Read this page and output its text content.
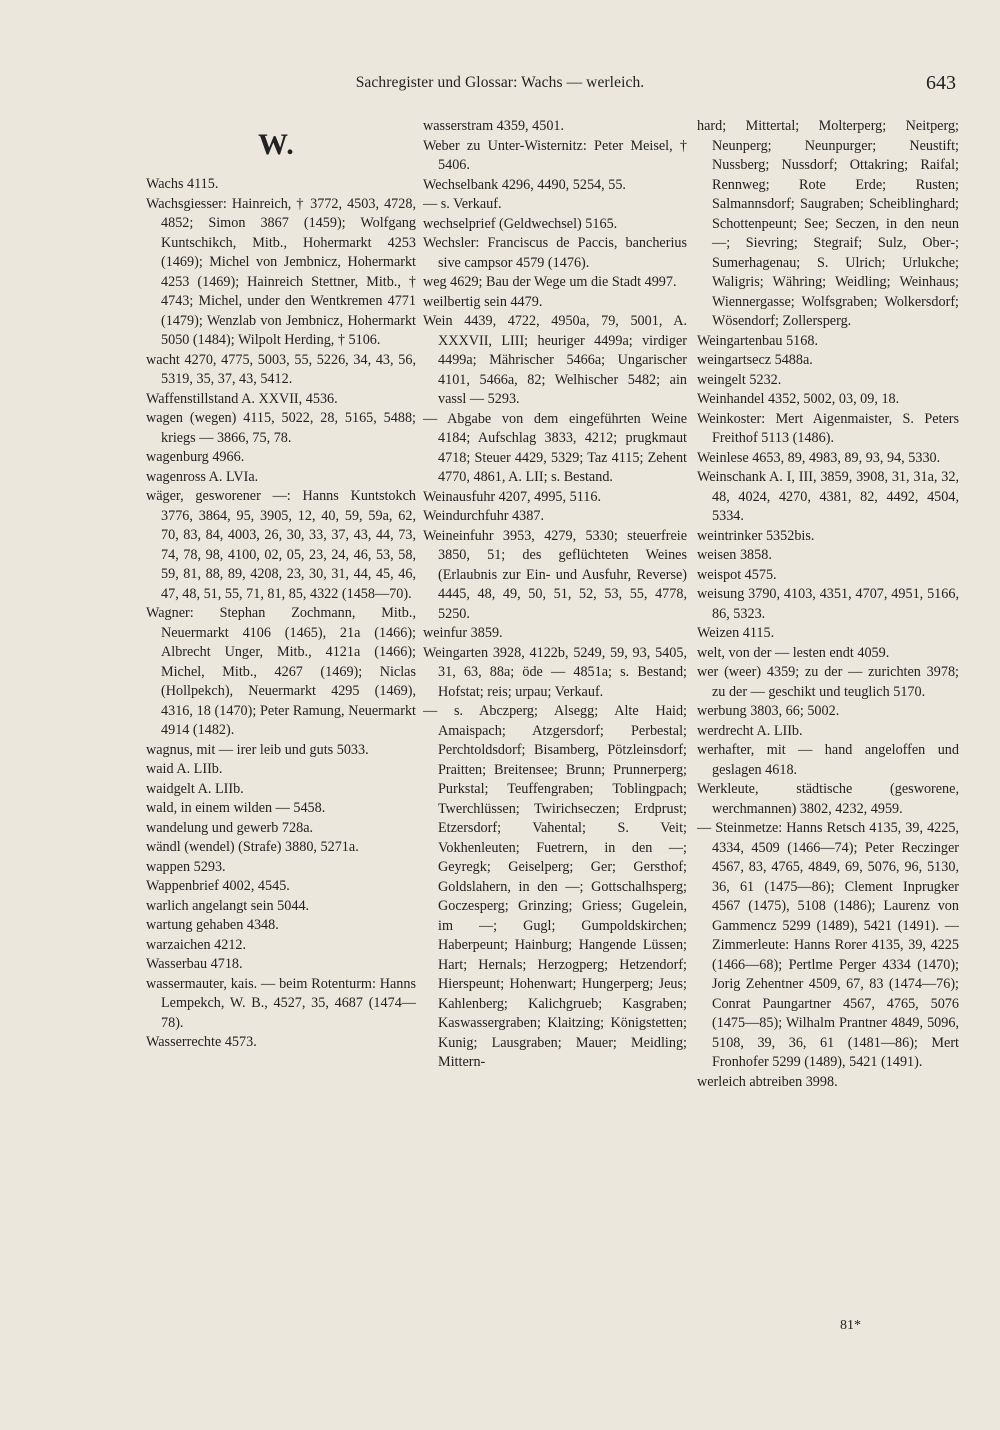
Sachregister und Glossar: Wachs — werleich.	643
W.

Wachs 4115.

Wachsgiesser: Hainreich, † 3772, 4503, 4728, 4852; Simon 3867 (1459); Wolfgang Kuntschikch, Mitb., Hohermarkt 4253 (1469); Michel von Jembnicz, Hohermarkt 4253 (1469); Hainreich Stettner, Mitb., † 4743; Michel, under den Wentkremen 4771 (1479); Wenzlab von Jembnicz, Hohermarkt 5050 (1484); Wilpolt Herding, † 5106.

wacht 4270, 4775, 5003, 55, 5226, 34, 43, 56, 5319, 35, 37, 43, 5412.

Waffenstillstand A. XXVII, 4536.

wagen (wegen) 4115, 5022, 28, 5165, 5488; kriegs — 3866, 75, 78.

wagenburg 4966.

wagenross A. LVIa.

wäger, gesworener —: Hanns Kuntstokch 3776, 3864, 95, 3905, 12, 40, 59, 59a, 62, 70, 83, 84, 4003, 26, 30, 33, 37, 43, 44, 73, 74, 78, 98, 4100, 02, 05, 23, 24, 46, 53, 58, 59, 81, 88, 89, 4208, 23, 30, 31, 44, 45, 46, 47, 48, 51, 55, 71, 81, 85, 4322 (1458—70).

Wagner: Stephan Zochmann, Mitb., Neuermarkt 4106 (1465), 21a (1466); Albrecht Unger, Mitb., 4121a (1466); Michel, Mitb., 4267 (1469); Niclas (Hollpekch), Neuermarkt 4295 (1469), 4316, 18 (1470); Peter Ramung, Neuermarkt 4914 (1482).

wagnus, mit — irer leib und guts 5033.

waid A. LIIb.

waidgelt A. LIIb.

wald, in einem wilden — 5458.

wandelung und gewerb 728a.

wändl (wendel) (Strafe) 3880, 5271a.

wappen 5293.

Wappenbrief 4002, 4545.

warlich angelangt sein 5044.

wartung gehaben 4348.

warzaichen 4212.

Wasserbau 4718.

wassermauter, kais. — beim Rotenturm: Hanns Lempekch, W. B., 4527, 35, 4687 (1474—78).

Wasserrechte 4573.

wasserstram 4359, 4501.

Weber zu Unter-Wisternitz: Peter Meisel, † 5406.

Wechselbank 4296, 4490, 5254, 55.

— s. Verkauf.

wechselprief (Geldwechsel) 5165.

Wechsler: Franciscus de Paccis, bancherius sive campsor 4579 (1476).

weg 4629; Bau der Wege um die Stadt 4997.

weilbertig sein 4479.

Wein 4439, 4722, 4950a, 79, 5001, A. XXXVII, LIII; heuriger 4499a; virdiger 4499a; Mährischer 5466a; Ungarischer 4101, 5466a, 82; Welhischer 5482; ain vassl — 5293.

— Abgabe von dem eingeführten Weine 4184; Aufschlag 3833, 4212; prugkmaut 4718; Steuer 4429, 5329; Taz 4115; Zehent 4770, 4861, A. LII; s. Bestand.

Weinausfuhr 4207, 4995, 5116.

Weindurchfuhr 4387.

Weineinfuhr 3953, 4279, 5330; steuerfreie 3850, 51; des geflüchteten Weines (Erlaubnis zur Ein- und Ausfuhr, Reverse) 4445, 48, 49, 50, 51, 52, 53, 55, 4778, 5250.

weinfur 3859.

Weingarten 3928, 4122b, 5249, 59, 93, 5405, 31, 63, 88a; öde — 4851a; s. Bestand; Hofstat; reis; urpau; Verkauf.

— s. Abczperg; Alsegg; Alte Haid; Amaispach; Atzgersdorf; Perbestal; Perchtoldsdorf; Bisamberg, Pötzleinsdorf; Praitten; Breitensee; Brunn; Prunnerperg; Purkstal; Teuffengraben; Toblingpach; Twerchlüssen; Twirichseczen; Erdprust; Etzersdorf; Vahental; S. Veit; Vokhenleuten; Fuetrern, in den —; Geyregk; Geiselperg; Ger; Gersthof; Goldslahern, in den —; Gottschalhsperg; Goczesperg; Grinzing; Griess; Gugelein, im —; Gugl; Gumpoldskirchen; Haberpeunt; Hainburg; Hangende Lüssen; Hart; Hernals; Herzogperg; Hetzendorf; Hierspeunt; Hohenwart; Hungerperg; Jeus; Kahlenberg; Kalichgrueb; Kasgraben; Kaswassergraben; Klaitzing; Königstetten; Kunig; Lausgraben; Mauer; Meidling; Mittern-

hard; Mittertal; Molterperg; Neitperg; Neunperg; Neunpurger; Neustift; Nussberg; Nussdorf; Ottakring; Raifal; Rennweg; Rote Erde; Rusten; Salmannsdorf; Saugraben; Scheiblinghard; Schottenpeunt; See; Seczen, in den neun —; Sievring; Stegraif; Sulz, Ober-; Sumerhagenau; S. Ulrich; Urlukche; Waligris; Währing; Weidling; Weinhaus; Wiennergasse; Wolfsgraben; Wolkersdorf; Wösendorf; Zollersperg.

Weingartenbau 5168.

weingartsecz 5488a.

weingelt 5232.

Weinhandel 4352, 5002, 03, 09, 18.

Weinkoster: Mert Aigenmaister, S. Peters Freithof 5113 (1486).

Weinlese 4653, 89, 4983, 89, 93, 94, 5330.

Weinschank A. I, III, 3859, 3908, 31, 31a, 32, 48, 4024, 4270, 4381, 82, 4492, 4504, 5334.

weintrinker 5352bis.

weisen 3858.

weispot 4575.

weisung 3790, 4103, 4351, 4707, 4951, 5166, 86, 5323.

Weizen 4115.

welt, von der — lesten endt 4059.

wer (weer) 4359; zu der — zurichten 3978; zu der — geschikt und teuglich 5170.

werbung 3803, 66; 5002.

werdrecht A. LIIb.

werhafter, mit — hand angeloffen und geslagen 4618.

Werkleute, städtische (gesworene, werchmannen) 3802, 4232, 4959.

— Steinmetze: Hanns Retsch 4135, 39, 4225, 4334, 4509 (1466—74); Peter Reczinger 4567, 83, 4765, 4849, 69, 5076, 96, 5130, 36, 61 (1475—86); Clement Inprugker 4567 (1475), 5108 (1486); Laurenz von Gammencz 5299 (1489), 5421 (1491). — Zimmerleute: Hanns Rorer 4135, 39, 4225 (1466—68); Pertlme Perger 4334 (1470); Jorig Zehentner 4509, 67, 83 (1474—76); Conrat Paungartner 4567, 4765, 5076 (1475—85); Wilhalm Prantner 4849, 5096, 5108, 39, 36, 61 (1481—86); Mert Fronhofer 5299 (1489), 5421 (1491).

werleich abtreiben 3998.

81*
